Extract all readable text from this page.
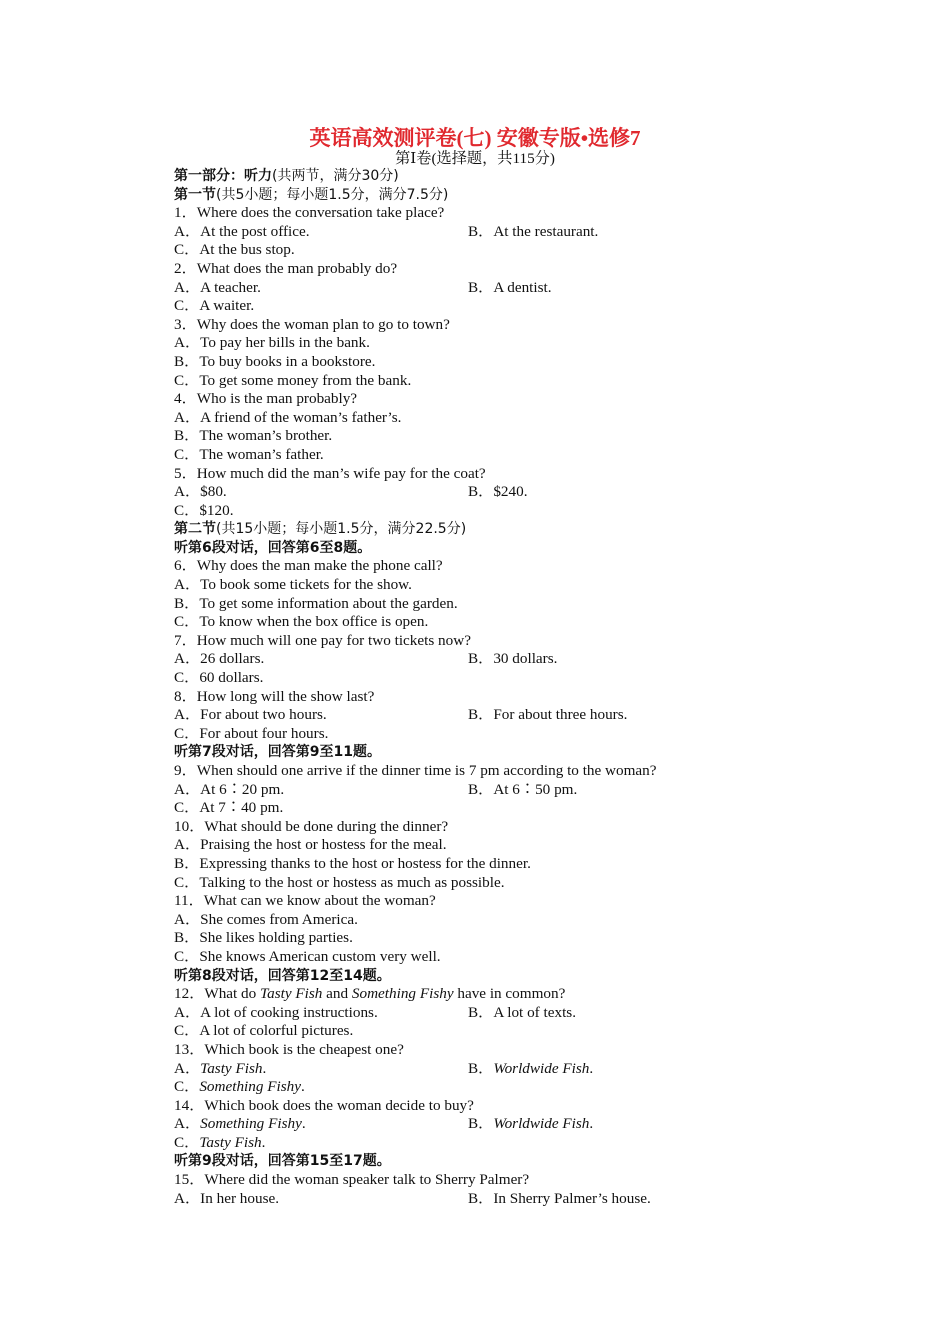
英语高效测评卷(七) 安徽专版•选修7
第Ⅰ卷(选择题，共115分)
第一部分：听力(共两节，满分30分)
第一节(共5小题；每小题1.5分，满分7.5分)
1．Where does the conversation take place?
A．At the post office.	B．At the restaurant.
C．At the bus stop.
2．What does the man probably do?
A．A teacher.	B．A dentist.
C．A waiter.
3．Why does the woman plan to go to town?
A．To pay her bills in the bank.
B．To buy books in a bookstore.
C．To get some money from the bank.
4．Who is the man probably?
A．A friend of the woman’s father’s.
B．The woman’s brother.
C．The woman’s father.
5．How much did the man’s wife pay for the coat?
A．$80.	B．$240.
C．$120.
第二节(共15小题；每小题1.5分，满分22.5分)
听第6段对话，回答第6至8题。
6．Why does the man make the phone call?
A．To book some tickets for the show.
B．To get some information about the garden.
C．To know when the box office is open.
7．How much will one pay for two tickets now?
A．26 dollars.	B．30 dollars.
C．60 dollars.
8．How long will the show last?
A．For about two hours.	B．For about three hours.
C．For about four hours.
听第7段对话，回答第9至11题。
9．When should one arrive if the dinner time is 7 pm according to the woman?
A．At 6∶20 pm.	B．At 6∶50 pm.
C．At 7∶40 pm.
10．What should be done during the dinner?
A．Praising the host or hostess for the meal.
B．Expressing thanks to the host or hostess for the dinner.
C．Talking to the host or hostess as much as possible.
11．What can we know about the woman?
A．She comes from America.
B．She likes holding parties.
C．She knows American custom very well.
听第8段对话，回答第12至14题。
12．What do Tasty Fish and Something Fishy have in common?
A．A lot of cooking instructions.	B．A lot of texts.
C．A lot of colorful pictures.
13．Which book is the cheapest one?
A．Tasty Fish.	B．Worldwide Fish.
C．Something Fishy.
14．Which book does the woman decide to buy?
A．Something Fishy.	B．Worldwide Fish.
C．Tasty Fish.
听第9段对话，回答第15至17题。
15．Where did the woman speaker talk to Sherry Palmer?
A．In her house.	B．In Sherry Palmer’s house.
